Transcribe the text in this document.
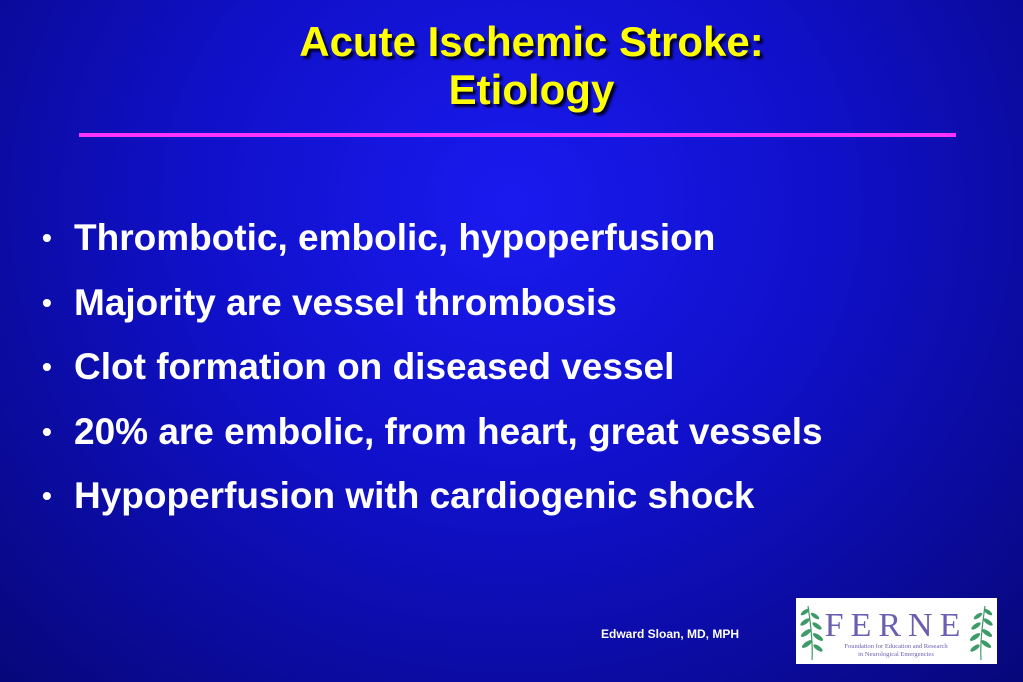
Acute Ischemic Stroke:
Etiology
• Thrombotic, embolic, hypoperfusion
• Majority are vessel thrombosis
• Clot formation on diseased vessel
• 20% are embolic, from heart, great vessels
• Hypoperfusion with cardiogenic shock
Edward Sloan, MD, MPH	FERNE
Foundation for Education and Research
in Neurological Emergencies
